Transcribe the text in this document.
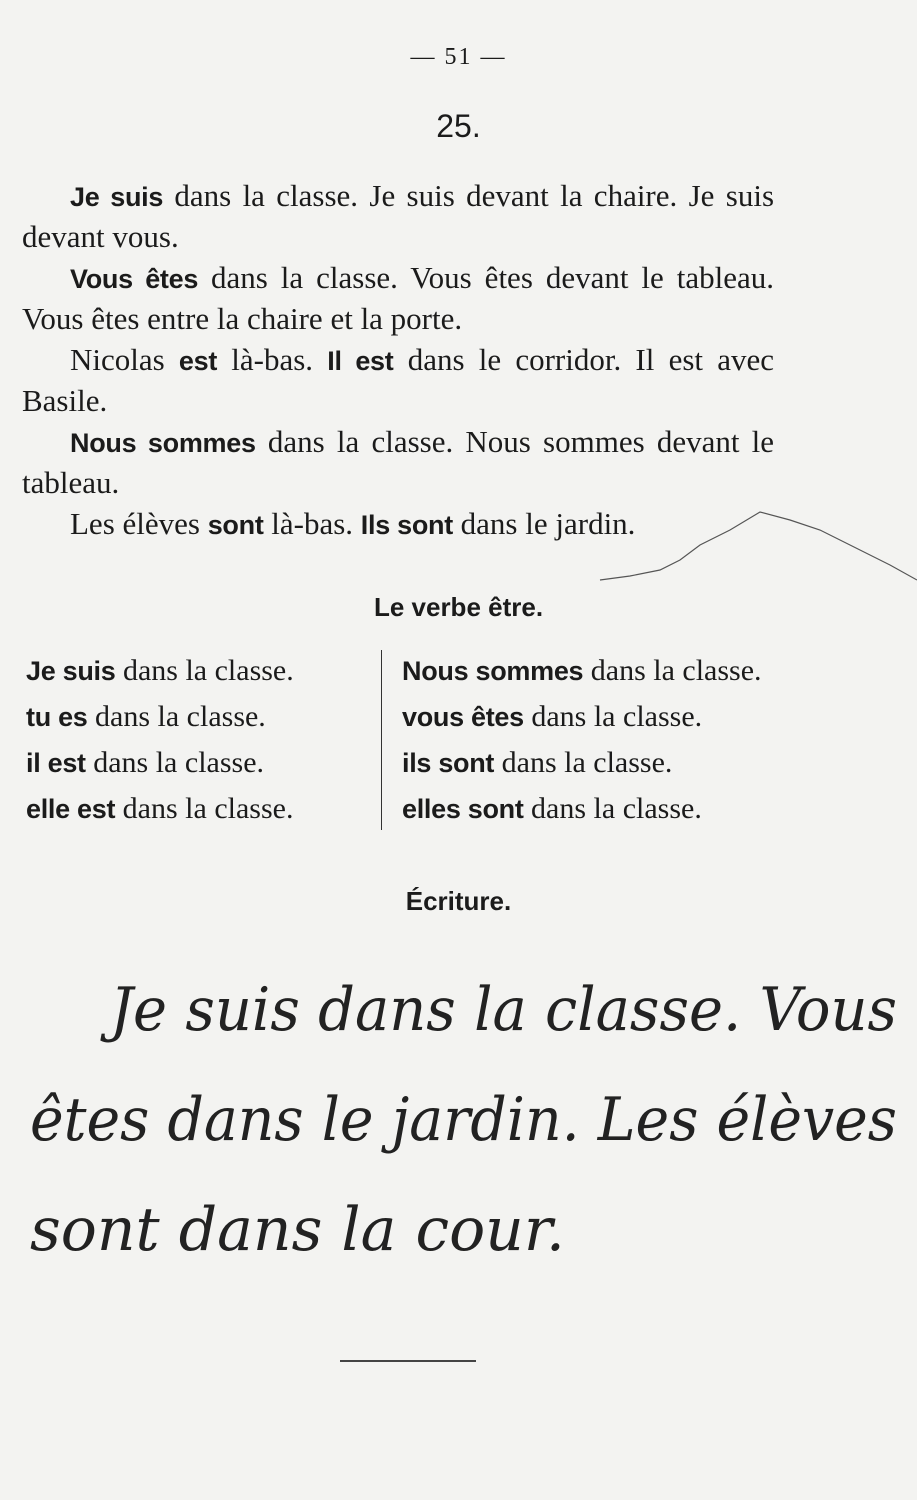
— 51 —
25.
Je suis dans la classe. Je suis devant la chaire. Je suis devant vous.
Vous êtes dans la classe. Vous êtes devant le tableau. Vous êtes entre la chaire et la porte.
Nicolas est là-bas. Il est dans le corridor. Il est avec Basile.
Nous sommes dans la classe. Nous sommes devant le tableau.
Les élèves sont là-bas. Ils sont dans le jardin.
Le verbe être.
Je suis dans la classe.
tu es dans la classe.
il est dans la classe.
elle est dans la classe.
Nous sommes dans la classe.
vous êtes dans la classe.
ils sont dans la classe.
elles sont dans la classe.
Écriture.
Je suis dans la classe. Vous
êtes dans le jardin. Les élèves
sont dans la cour.
